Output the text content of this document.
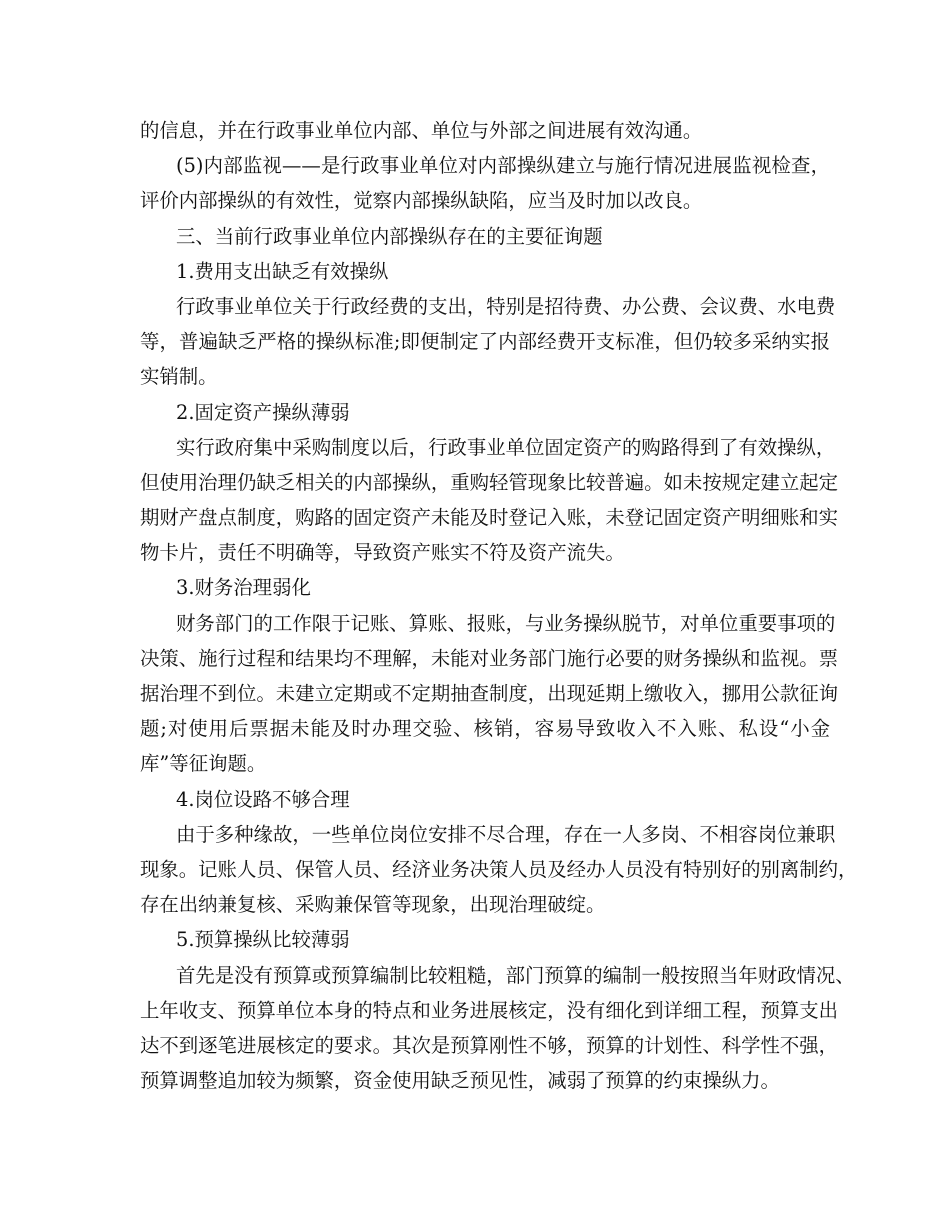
的信息，并在行政事业单位内部、单位与外部之间进展有效沟通。
(5)内部监视——是行政事业单位对内部操纵建立与施行情况进展监视检查，
评价内部操纵的有效性，觉察内部操纵缺陷，应当及时加以改良。
三、当前行政事业单位内部操纵存在的主要征询题
1.费用支出缺乏有效操纵
行政事业单位关于行政经费的支出，特别是招待费、办公费、会议费、水电费
等，普遍缺乏严格的操纵标准;即便制定了内部经费开支标准，但仍较多采纳实报
实销制。
2.固定资产操纵薄弱
实行政府集中采购制度以后，行政事业单位固定资产的购路得到了有效操纵，
但使用治理仍缺乏相关的内部操纵，重购轻管现象比较普遍。如未按规定建立起定
期财产盘点制度，购路的固定资产未能及时登记入账，未登记固定资产明细账和实
物卡片，责任不明确等，导致资产账实不符及资产流失。
3.财务治理弱化
财务部门的工作限于记账、算账、报账，与业务操纵脱节，对单位重要事项的
决策、施行过程和结果均不理解，未能对业务部门施行必要的财务操纵和监视。票
据治理不到位。未建立定期或不定期抽查制度，出现延期上缴收入，挪用公款征询
题;对使用后票据未能及时办理交验、核销，容易导致收入不入账、私设“小金
库”等征询题。
4.岗位设路不够合理
由于多种缘故，一些单位岗位安排不尽合理，存在一人多岗、不相容岗位兼职
现象。记账人员、保管人员、经济业务决策人员及经办人员没有特别好的别离制约，
存在出纳兼复核、采购兼保管等现象，出现治理破绽。
5.预算操纵比较薄弱
首先是没有预算或预算编制比较粗糙，部门预算的编制一般按照当年财政情况、
上年收支、预算单位本身的特点和业务进展核定，没有细化到详细工程，预算支出
达不到逐笔进展核定的要求。其次是预算刚性不够，预算的计划性、科学性不强，
预算调整追加较为频繁，资金使用缺乏预见性，减弱了预算的约束操纵力。
